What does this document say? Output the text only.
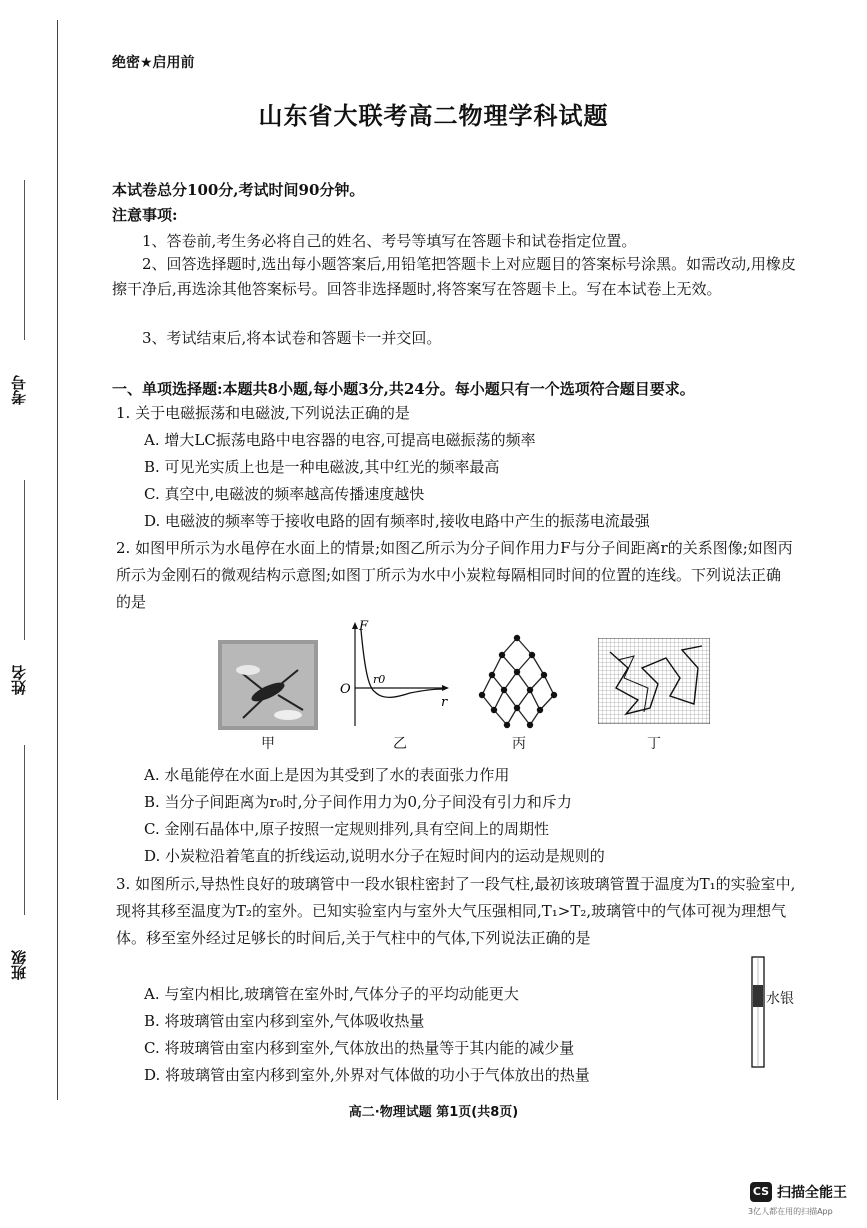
考号
姓名
班级
绝密★启用前
山东省大联考高二物理学科试题
本试卷总分100分,考试时间90分钟。
注意事项:
1、答卷前,考生务必将自己的姓名、考号等填写在答题卡和试卷指定位置。
2、回答选择题时,选出每小题答案后,用铅笔把答题卡上对应题目的答案标号涂黑。如需改动,用橡皮擦干净后,再选涂其他答案标号。回答非选择题时,将答案写在答题卡上。写在本试卷上无效。
3、考试结束后,将本试卷和答题卡一并交回。
一、单项选择题:本题共8小题,每小题3分,共24分。每小题只有一个选项符合题目要求。
1. 关于电磁振荡和电磁波,下列说法正确的是
A. 增大LC振荡电路中电容器的电容,可提高电磁振荡的频率
B. 可见光实质上也是一种电磁波,其中红光的频率最高
C. 真空中,电磁波的频率越高传播速度越快
D. 电磁波的频率等于接收电路的固有频率时,接收电路中产生的振荡电流最强
2. 如图甲所示为水黾停在水面上的情景;如图乙所示为分子间作用力F与分子间距离r的关系图像;如图丙所示为金刚石的微观结构示意图;如图丁所示为水中小炭粒每隔相同时间的位置的连线。下列说法正确的是
甲
F
r
O
r0
乙	丙	丁
A. 水黾能停在水面上是因为其受到了水的表面张力作用
B. 当分子间距离为r₀时,分子间作用力为0,分子间没有引力和斥力
C. 金刚石晶体中,原子按照一定规则排列,具有空间上的周期性
D. 小炭粒沿着笔直的折线运动,说明水分子在短时间内的运动是规则的
3. 如图所示,导热性良好的玻璃管中一段水银柱密封了一段气柱,最初该玻璃管置于温度为T₁的实验室中,现将其移至温度为T₂的室外。已知实验室内与室外大气压强相同,T₁>T₂,玻璃管中的气体可视为理想气体。移至室外经过足够长的时间后,关于气柱中的气体,下列说法正确的是
水银
A. 与室内相比,玻璃管在室外时,气体分子的平均动能更大
B. 将玻璃管由室内移到室外,气体吸收热量
C. 将玻璃管由室内移到室外,气体放出的热量等于其内能的减少量
D. 将玻璃管由室内移到室外,外界对气体做的功小于气体放出的热量
高二·物理试题 第1页(共8页)
CS 扫描全能王
3亿人都在用的扫描App
